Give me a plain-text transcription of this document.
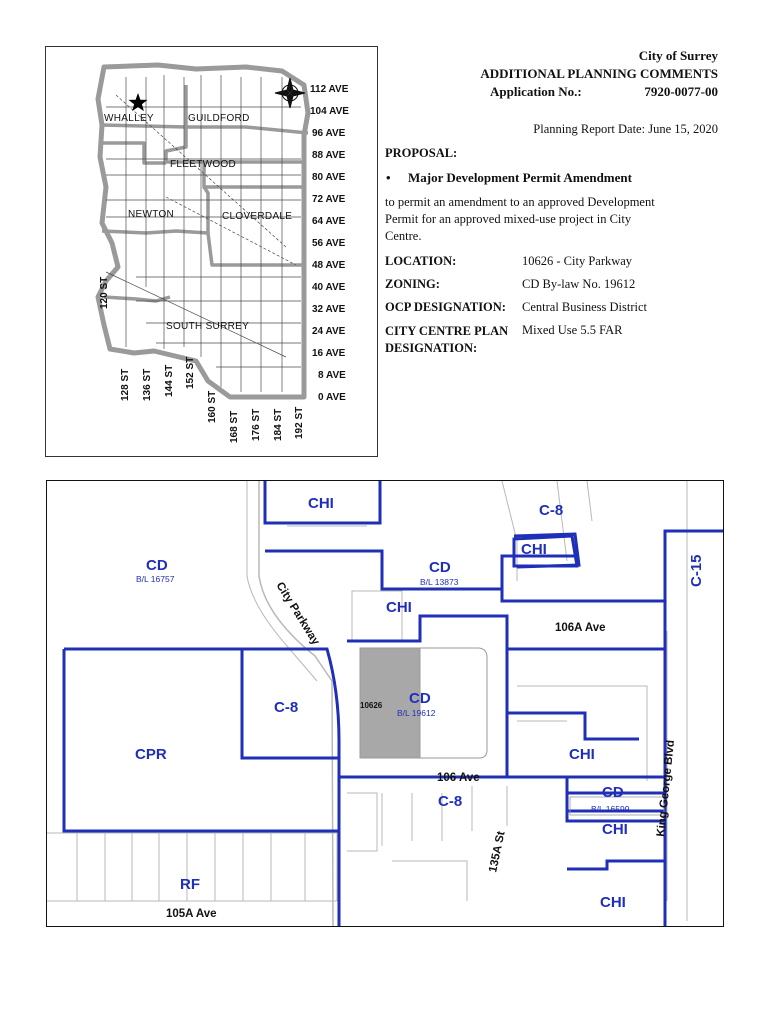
WHALLEY	GUILDFORD
FLEETWOOD
NEWTON	CLOVERDALE
SOUTH SURREY
112 AVE
104 AVE
96 AVE
88 AVE
80 AVE
72 AVE
64 AVE
56 AVE
48 AVE
40 AVE
32 AVE
24 AVE
16 AVE
8 AVE
0 AVE
120 ST
128 ST 136 ST 144 ST 152 ST
160 ST
168 ST 176 ST 184 ST 192 ST
City of Surrey
ADDITIONAL PLANNING COMMENTS
Application No.:	7920-0077-00
Planning Report Date: June 15, 2020
PROPOSAL:
• Major Development Permit Amendment
to permit an amendment to an approved Development
Permit for an approved mixed-use project in City
Centre.
LOCATION:	10626 - City Parkway
ZONING:	CD By-law No. 19612
OCP DESIGNATION: Central Business District
CITY CENTRE PLAN
DESIGNATION:
Mixed Use 5.5 FAR
CHI	C-8
CHI
C-15
CD
B/L 16757
CD
B/L 13873
CHI
C-8
CPR
10626 CD
B/L 19612
CHI
C-8
CD
B/L 16599
CHI
RF
CHI
City Parkway	106A Ave
106 Ave
105A Ave
135A St
King George Blvd
